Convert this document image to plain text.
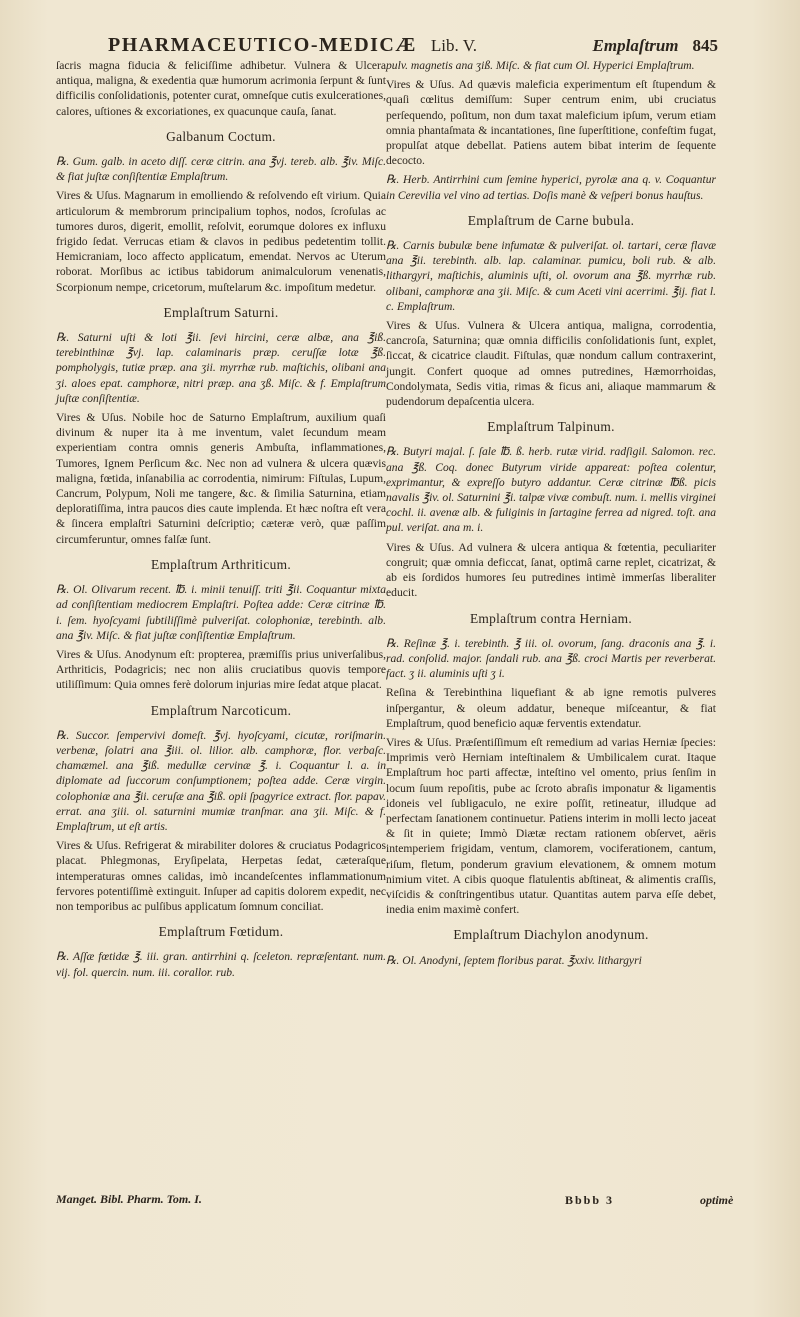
PHARMACEUTICO-MEDICÆ Lib. V.	Emplaſtrum 845

ſacris magna fiducia & feliciſſime adhibetur. Vulnera & Ulcera antiqua, maligna, & exedentia quæ humorum acrimonia ſerpunt & ſunt difficilis conſolidationis, potenter curat, omneſque cutis exulcerationes, calores, uſtiones & excoriationes, ex quacunque cauſa, ſanat.

Galbanum Coctum.

℞. Gum. galb. in aceto diſſ. ceræ citrin. ana ℥vj. tereb. alb. ℥iv. Miſc. & fiat juſtæ conſiſtentiæ Emplaſtrum.

Vires & Uſus. Magnarum in emolliendo & reſolvendo eſt virium. Quia articulorum & membrorum principalium tophos, nodos, ſcroſulas ac tumores duros, digerit, emollit, reſolvit, eorumque dolores ex influxu frigido ſedat. Verrucas etiam & clavos in pedibus pedetentim tollit. Hemicraniam, loco affecto applicatum, emendat. Nervos ac Uterum roborat. Morſibus ac ictibus tabidorum animalculorum venenatis, Scorpionum nempe, cricetorum, muſtelarum &c. impoſitum medetur.

Emplaſtrum Saturni.

℞. Saturni uſti & loti ℥ii. ſevi hircini, ceræ albæ, ana ℥iß. terebinthinæ ℥vj. lap. calaminaris præp. ceruſſæ lotæ ℥ß. pompholygis, tutiæ præp. ana ʒii. myrrhæ rub. maſtichis, olibani ana ʒi. aloes epat. camphoræ, nitri præp. ana ʒß. Miſc. & f. Emplaſtrum juſtæ conſiſtentiæ.

Vires & Uſus. Nobile hoc de Saturno Emplaſtrum, auxilium quaſi divinum & nuper ita à me inventum, valet ſecundum meam experientiam contra omnis generis Ambuſta, inflammationes, Tumores, Ignem Perſicum &c. Nec non ad vulnera & ulcera quævis maligna, fœtida, inſanabilia ac corrodentia, nimirum: Fiſtulas, Lupum, Cancrum, Polypum, Noli me tangere, &c. & ſimilia Saturnina, etiam deploratiſſima, intra paucos dies caute implenda. Et hæc noſtra eſt vera & ſincera emplaſtri Saturnini deſcriptio; cæteræ verò, quæ paſſim circumferuntur, omnes falſæ ſunt.

Emplaſtrum Arthriticum.

℞. Ol. Olivarum recent. ℔. i. minii tenuiſſ. triti ℥ii. Coquantur mixta ad conſiſtentiam mediocrem Emplaſtri. Poſtea adde: Ceræ citrinæ ℔. i. ſem. hyoſcyami ſubtiliſſimè pulveriſat. colophoniæ, terebinth. alb. ana ℥iv. Miſc. & fiat juſtæ conſiſtentiæ Emplaſtrum.

Vires & Uſus. Anodynum eſt: propterea, præmiſſis prius univerſalibus, Arthriticis, Podagricis; nec non aliis cruciatibus quovis tempore utiliſſimum: Quia omnes ferè dolorum injurias mire ſedat atque placat.

Emplaſtrum Narcoticum.

℞. Succor. ſempervivi domeſt. ℥vj. hyoſcyami, cicutæ, roriſmarin. verbenæ, ſolatri ana ℥iii. ol. lilior. alb. camphoræ, flor. verbaſc. chamæmel. ana ℥iß. medullæ cervinæ ℥. i. Coquantur l. a. in diplomate ad ſuccorum conſumptionem; poſtea adde. Ceræ virgin. colophoniæ ana ℥ii. ceruſæ ana ℥iß. opii ſpagyrice extract. flor. papav. errat. ana ʒiii. ol. saturnini mumiæ tranſmar. ana ʒii. Miſc. & f. Emplaſtrum, ut eſt artis.

Vires & Uſus. Refrigerat & mirabiliter dolores & cruciatus Podagricos placat. Phlegmonas, Eryſipelata, Herpetas ſedat, cæteraſque intemperaturas omnes calidas, imò incandeſcentes inflammationum fervores potentiſſimè extinguit. Inſuper ad capitis dolorem expedit, nec non temporibus ac pulſibus applicatum ſomnum conciliat.

Emplaſtrum Fœtidum.

℞. Aſſæ fœtidæ ℥. iii. gran. antirrhini q. ſceleton. repræſentant. num. vij. fol. quercin. num. iii. corallor. rub.

pulv. magnetis ana ʒiß. Miſc. & fiat cum Ol. Hyperici Emplaſtrum.

Vires & Uſus. Ad quævis maleficia experimentum eſt ſtupendum & quaſi cœlitus demiſſum: Super centrum enim, ubi cruciatus perſequendo, poſitum, non dum taxat maleficium ipſum, verum etiam omnia phantaſmata & incantationes, ſine ſuperſtitione, confeſtim fugat, propulſat atque debellat. Patiens autem bibat interim de ſequente decocto.

℞. Herb. Antirrhini cum ſemine hyperici, pyrolæ ana q. v. Coquantur in Cerevilia vel vino ad tertias. Doſis manè & veſperi bonus hauſtus.

Emplaſtrum de Carne bubula.

℞. Carnis bubulæ bene infumatæ & pulveriſat. ol. tartari, ceræ flavæ ana ℥ii. terebinth. alb. lap. calaminar. pumicu, boli rub. & alb. lithargyri, maſtichis, aluminis uſti, ol. ovorum ana ℥ß. myrrhæ rub. olibani, camphoræ ana ʒii. Miſc. & cum Aceti vini acerrimi. ℥ij. fiat l. c. Emplaſtrum.

Vires & Uſus. Vulnera & Ulcera antiqua, maligna, corrodentia, cancroſa, Saturnina; quæ omnia difficilis conſolidationis ſunt, explet, ſiccat, & cicatrice claudit. Fiſtulas, quæ nondum callum contraxerint, jungit. Confert quoque ad omnes putredines, Hæmorrhoidas, Condolymata, Sedis vitia, rimas & ficus ani, aliaque mammarum & pudendorum depaſcentia ulcera.

Emplaſtrum Talpinum.

℞. Butyri majal. ſ. ſale ℔. ß. herb. rutæ virid. radſigil. Salomon. rec. ana ℥ß. Coq. donec Butyrum viride appareat: poſtea colentur, exprimantur, & expreſſo butyro addantur. Ceræ citrinæ ℔ß. picis navalis ℥iv. ol. Saturnini ℥i. talpæ vivæ combuſt. num. i. mellis virginei cochl. ii. avenæ alb. & fuliginis in ſartagine ferrea ad nigred. toſt. ana pul. veriſat. ana m. i.

Vires & Uſus. Ad vulnera & ulcera antiqua & fœtentia, peculiariter congruit; quæ omnia deficcat, ſanat, optimâ carne replet, cicatrizat, & ab eis ſordidos humores ſeu putredines intimè immerſas liberaliter educit.

Emplaſtrum contra Herniam.

℞. Reſinæ ℥. i. terebinth. ℥ iii. ol. ovorum, ſang. draconis ana ℥. i. rad. conſolid. major. ſandali rub. ana ℥ß. croci Martis per reverberat. fact. ʒ ii. aluminis uſti ʒ i.

Reſina & Terebinthina liquefiant & ab igne remotis pulveres inſpergantur, & oleum addatur, beneque miſceantur, & fiat Emplaſtrum, quod beneficio aquæ ferventis extendatur.

Vires & Uſus. Præſentiſſimum eſt remedium ad varias Herniæ ſpecies: Imprimis verò Herniam inteſtinalem & Umbilicalem curat. Itaque Emplaſtrum hoc parti affectæ, inteſtino vel omento, prius ſenſim in locum ſuum repoſitis, pube ac ſcroto abraſis imponatur & ligamentis idoneis vel ſubligaculo, ne exire poſſit, retineatur, illudque ad perfectam ſanationem continuetur. Patiens interim in molli lecto jaceat & ſit in quiete; Immò Diætæ rectam rationem obſervet, aëris intemperiem frigidam, ventum, clamorem, vociferationem, cantum, riſum, fletum, ponderum gravium elevationem, & omnem motum nimium vitet. A cibis quoque flatulentis abſtineat, & alimentis craſſis, viſcidis & conſtringentibus utatur. Quantitas autem parva eſſe debet, inedia enim maximè confert.

Emplaſtrum Diachylon anodynum.

℞. Ol. Anodyni, ſeptem floribus parat. ℥xxiv. lithargyri

Manget. Bibl. Pharm. Tom. I.	Bbbb 3	optimè
